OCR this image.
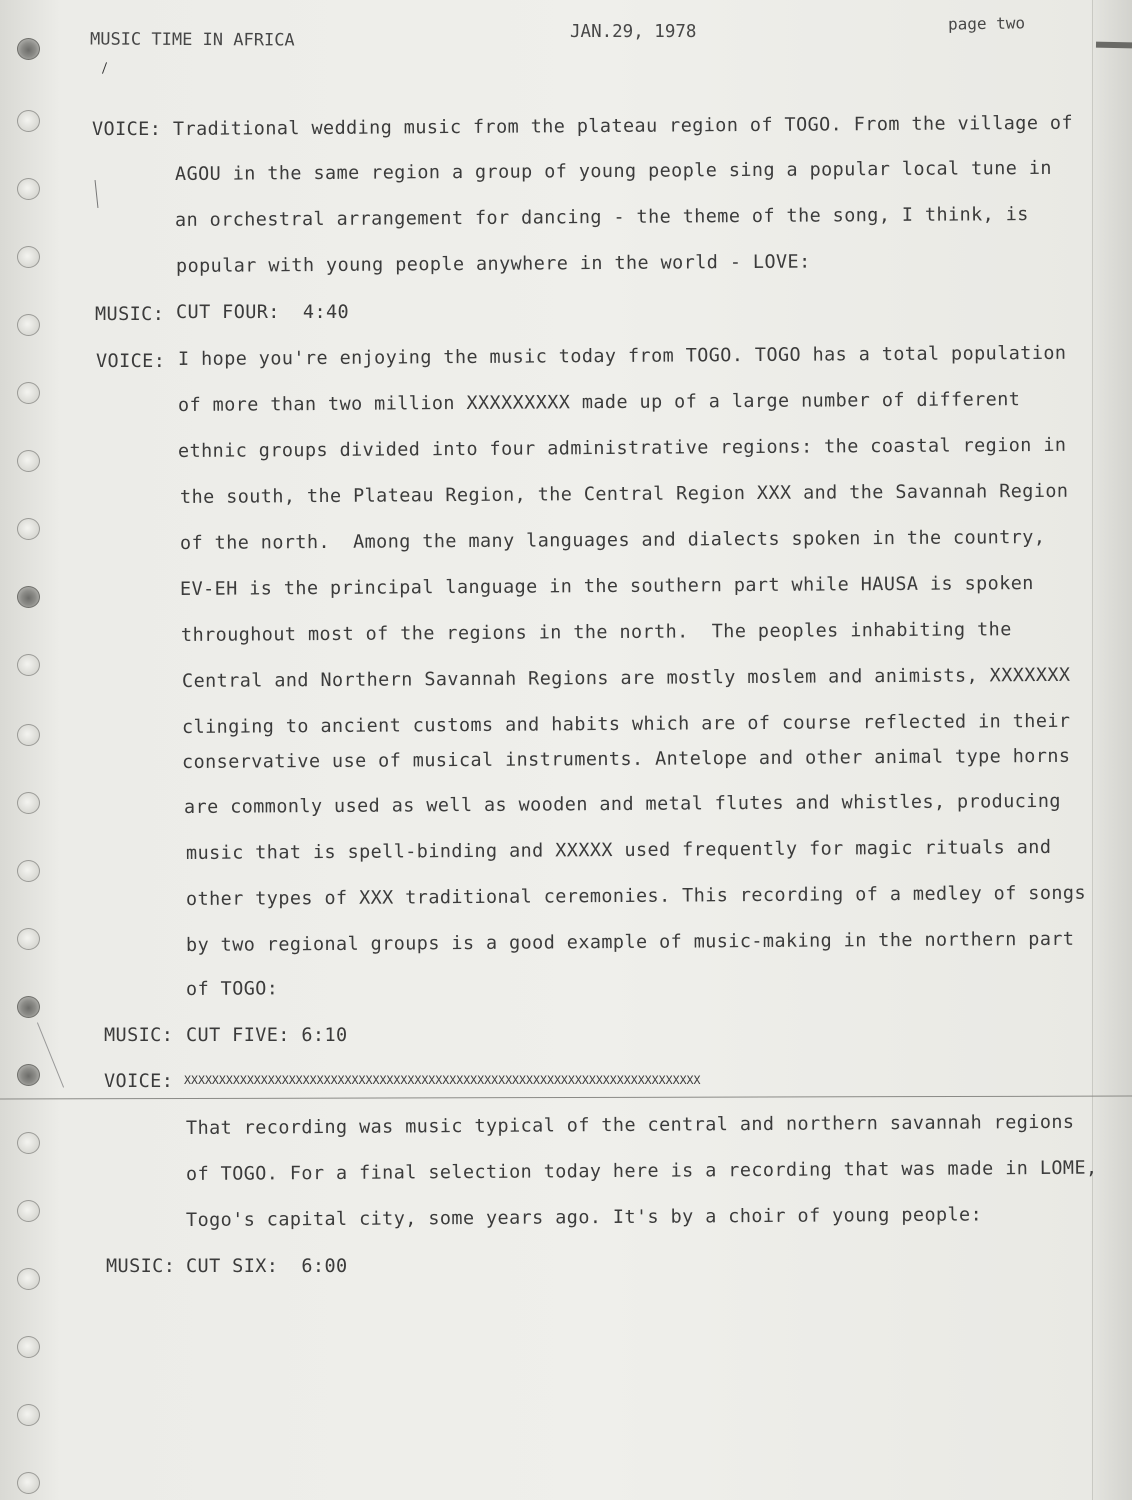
MUSIC TIME IN AFRICA	JAN.29, 1978	page two
VOICE: Traditional wedding music from the plateau region of TOGO. From the village of
AGOU in the same region a group of young people sing a popular local tune in
an orchestral arrangement for dancing - the theme of the song, I think, is
popular with young people anywhere in the world - LOVE:
MUSIC: CUT FOUR:  4:40
VOICE: I hope you're enjoying the music today from TOGO. TOGO has a total population
of more than two million XXXXXXXXX made up of a large number of different
ethnic groups divided into four administrative regions: the coastal region in
the south, the Plateau Region, the Central Region XXX and the Savannah Region
of the north.  Among the many languages and dialects spoken in the country,
EV-EH is the principal language in the southern part while HAUSA is spoken
throughout most of the regions in the north.  The peoples inhabiting the
Central and Northern Savannah Regions are mostly moslem and animists, XXXXXXX
clinging to ancient customs and habits which are of course reflected in their
conservative use of musical instruments. Antelope and other animal type horns
are commonly used as well as wooden and metal flutes and whistles, producing
music that is spell-binding and XXXXX used frequently for magic rituals and
other types of XXX traditional ceremonies. This recording of a medley of songs
by two regional groups is a good example of music-making in the northern part
of TOGO:
MUSIC: CUT FIVE: 6:10
VOICE: XXXXXXXXXXXXXXXXXXXXXXXXXXXXXXXXXXXXXXXXXXXXXXXXXXXXXXXXXXXXXXXXXXXXXXXXXX
That recording was music typical of the central and northern savannah regions
of TOGO. For a final selection today here is a recording that was made in LOME,
Togo's capital city, some years ago. It's by a choir of young people:
MUSIC: CUT SIX:  6:00
